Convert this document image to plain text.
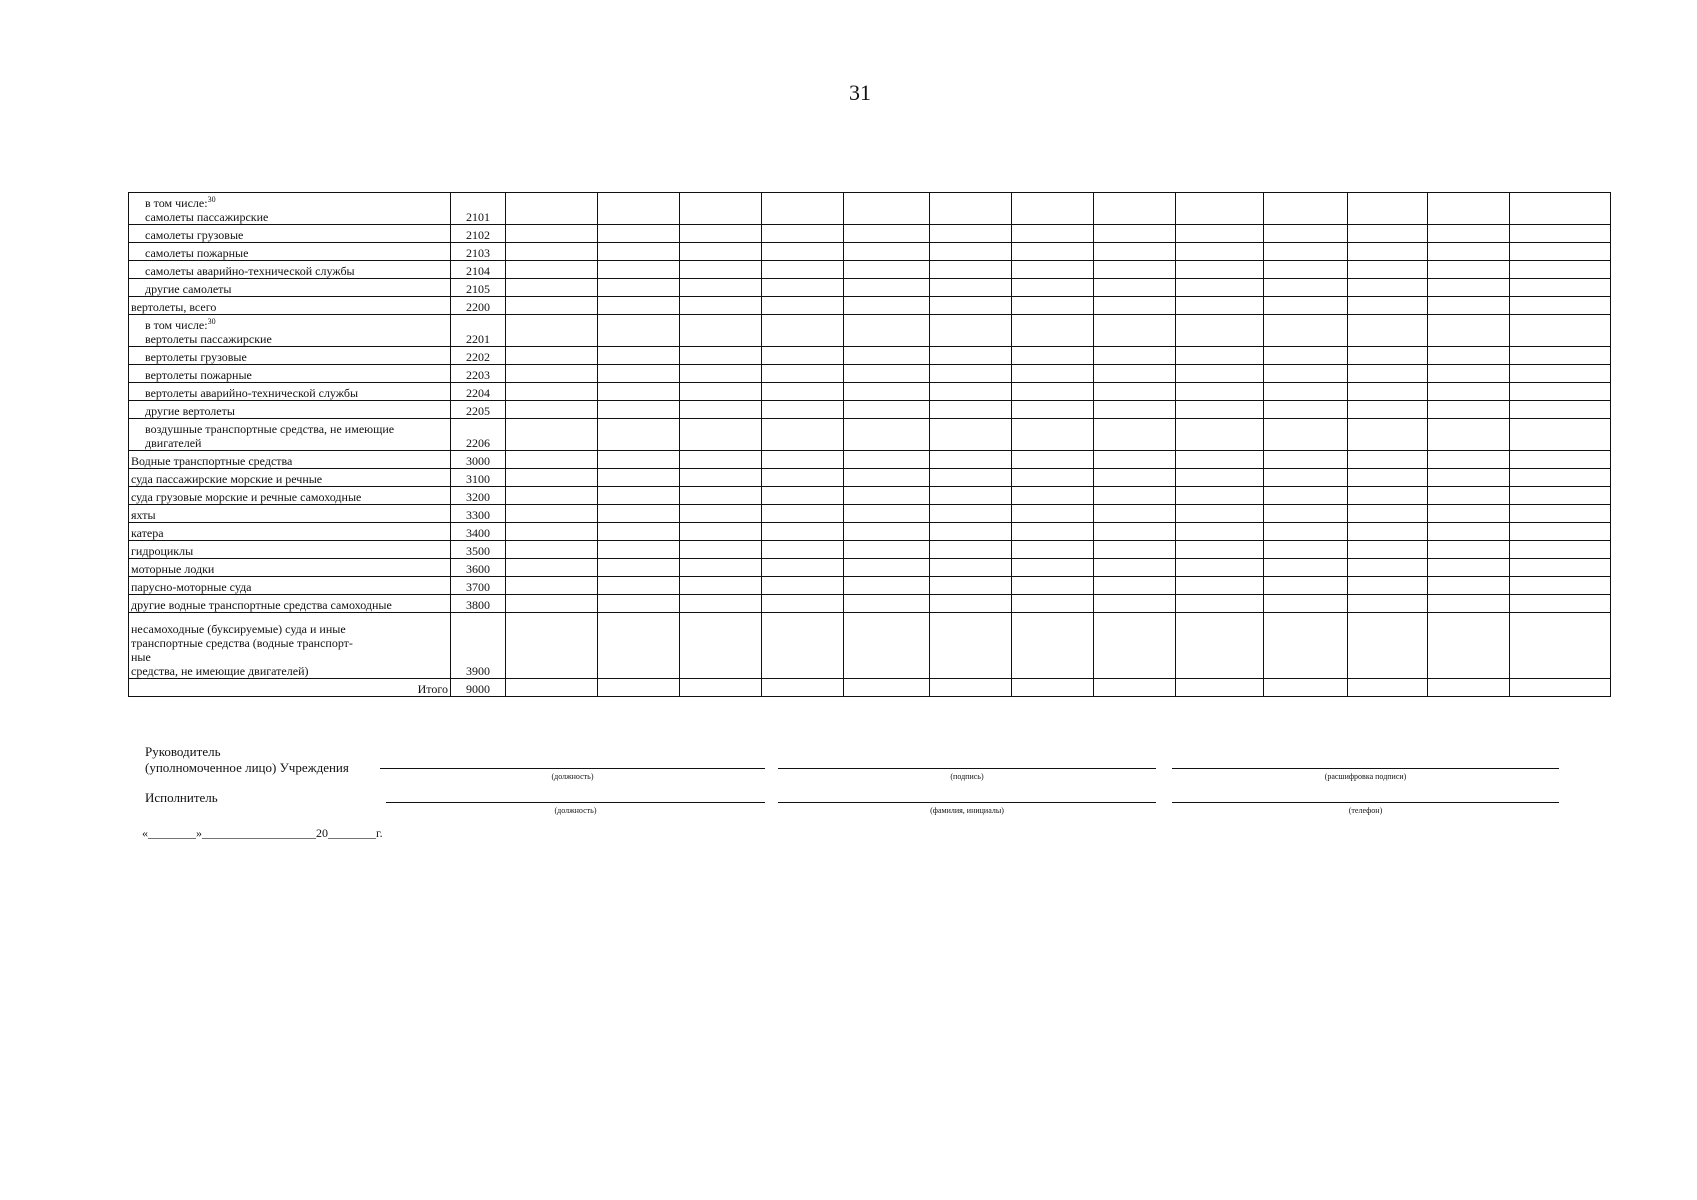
31
в том числе:$^{30}$
самолеты пассажирские	2101													

самолеты грузовые	2102													

самолеты пожарные	2103													

самолеты аварийно-технической службы	2104													

другие самолеты	2105													

вертолеты, всего	2200													

в том числе:$^{30}$
вертолеты пассажирские	2201													

вертолеты грузовые	2202													

вертолеты пожарные	2203													

вертолеты аварийно-технической службы	2204													

другие вертолеты	2205													

воздушные транспортные средства, не имеющие
двигателей	2206													

Водные транспортные средства	3000													

суда пассажирские морские и речные	3100													

суда грузовые морские и речные самоходные	3200													

яхты	3300													

катера	3400													

гидроциклы	3500													

моторные лодки	3600													

парусно-моторные суда	3700													

другие водные транспортные средства самоходные	3800													

несамоходные (буксируемые) суда и иные
транспортные средства (водные транспорт-
ные
средства, не имеющие двигателей)	3900													

Итого	9000													
Руководитель
(уполномоченное лицо) Учреждения
(должность)	(подпись)	(расшифровка подписи)
Исполнитель
(должность)	(фамилия, инициалы)	(телефон)
«________»___________________20________г.
